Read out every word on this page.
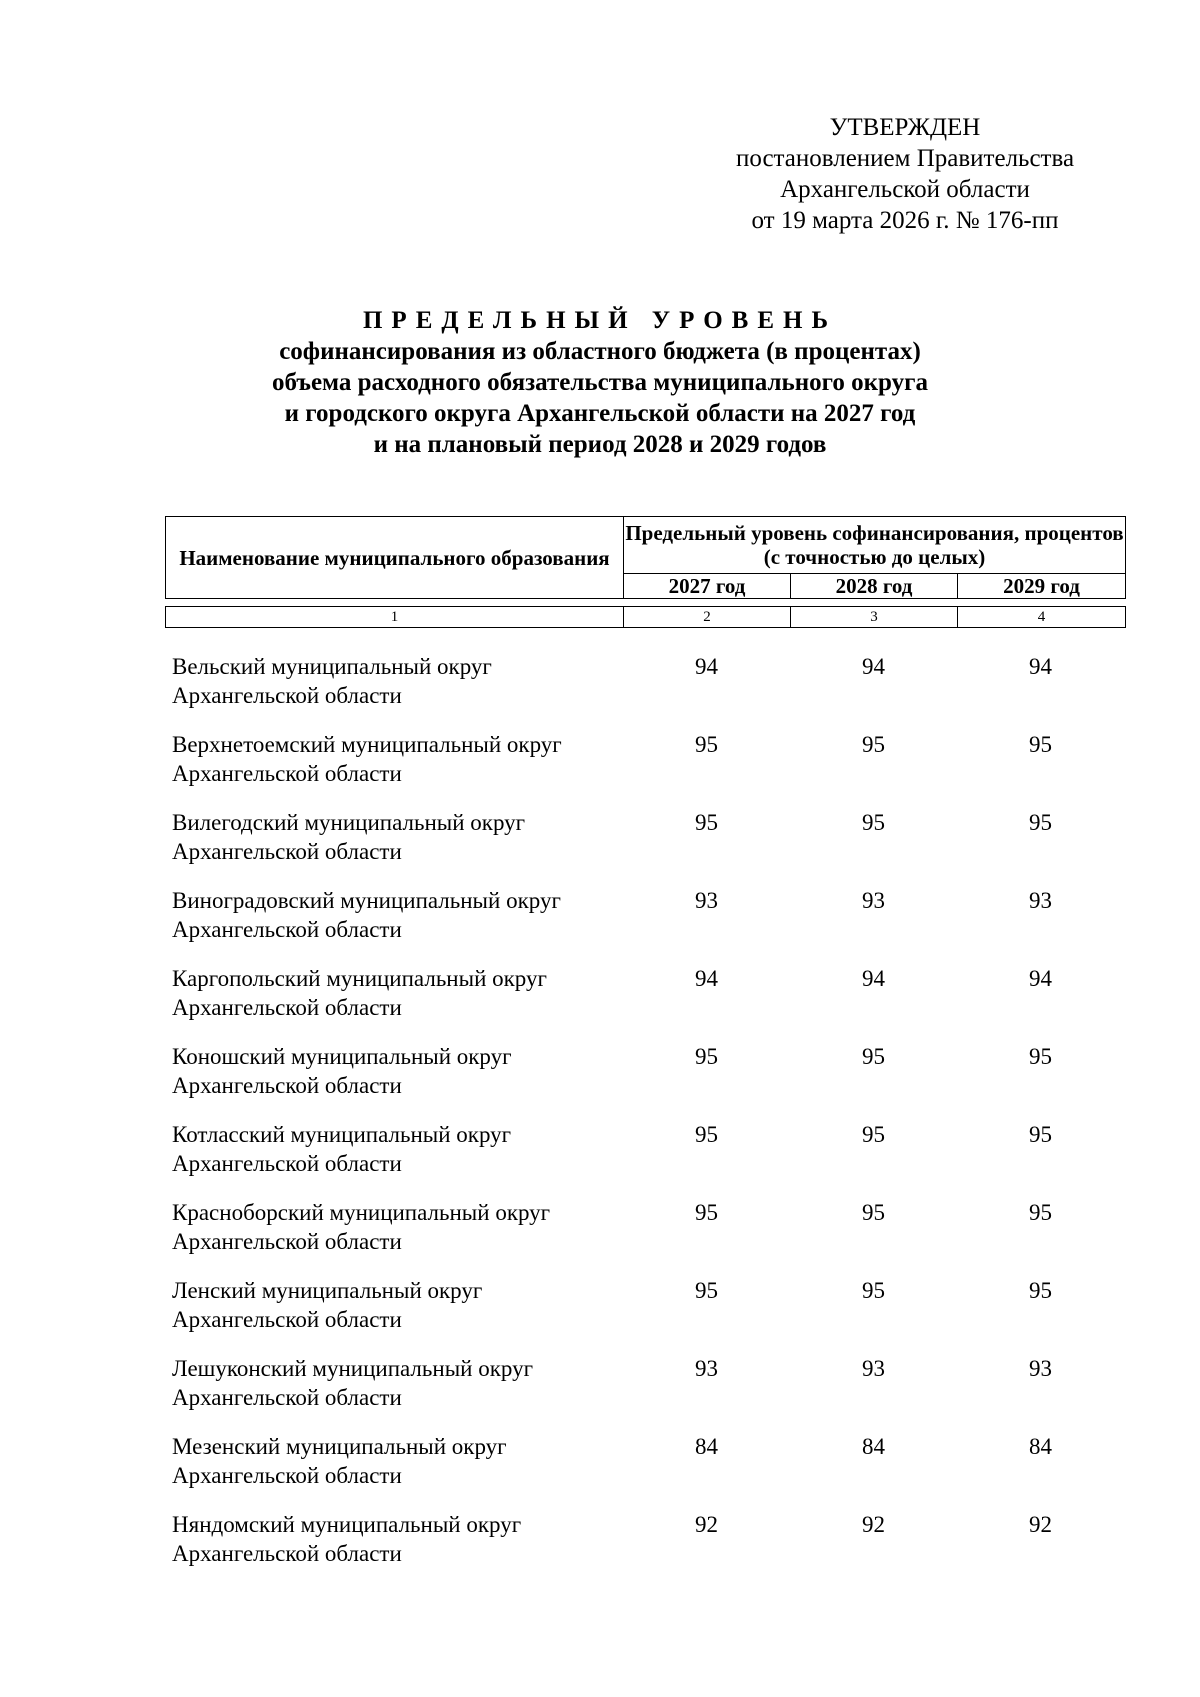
УТВЕРЖДЕН
постановлением Правительства
Архангельской области
от 19 марта 2026 г. № 176-пп
ПРЕДЕЛЬНЫЙ УРОВЕНЬ
софинансирования из областного бюджета (в процентах)
объема расходного обязательства муниципального округа
и городского округа Архангельской области на 2027 год
и на плановый период 2028 и 2029 годов
Наименование муниципального образования	Предельный уровень софинансирования, процентов (с точностью до целых)		
	2027 год	2028 год	2029 год
1	2	3	4
Вельский муниципальный округ
Архангельской области
94	94	94
Верхнетоемский муниципальный округ
Архангельской области
95	95	95
Вилегодский муниципальный округ
Архангельской области
95	95	95
Виноградовский муниципальный округ
Архангельской области
93	93	93
Каргопольский муниципальный округ
Архангельской области
94	94	94
Коношский муниципальный округ
Архангельской области
95	95	95
Котласский муниципальный округ
Архангельской области
95	95	95
Красноборский муниципальный округ
Архангельской области
95	95	95
Ленский муниципальный округ
Архангельской области
95	95	95
Лешуконский муниципальный округ
Архангельской области
93	93	93
Мезенский муниципальный округ
Архангельской области
84	84	84
Няндомский муниципальный округ
Архангельской области
92	92	92
